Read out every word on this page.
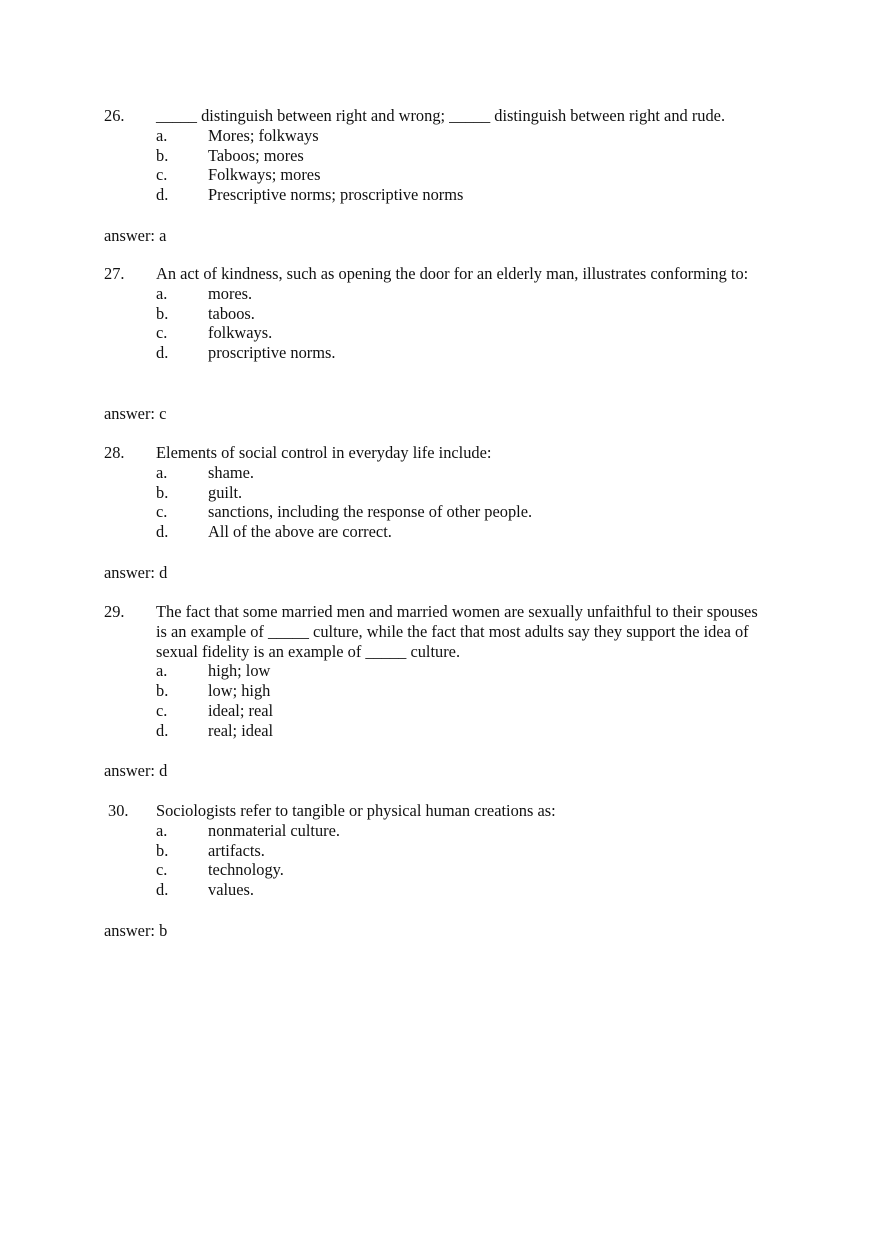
26. _____ distinguish between right and wrong; _____ distinguish between right and rude.
a. Mores; folkways
b. Taboos; mores
c. Folkways; mores
d. Prescriptive norms; proscriptive norms
answer: a
27. An act of kindness, such as opening the door for an elderly man, illustrates conforming to:
a. mores.
b. taboos.
c. folkways.
d. proscriptive norms.
answer: c
28. Elements of social control in everyday life include:
a. shame.
b. guilt.
c. sanctions, including the response of other people.
d. All of the above are correct.
answer: d
29. The fact that some married men and married women are sexually unfaithful to their spouses is an example of _____ culture, while the fact that most adults say they support the idea of sexual fidelity is an example of _____ culture.
a. high; low
b. low; high
c. ideal; real
d. real; ideal
answer: d
30. Sociologists refer to tangible or physical human creations as:
a. nonmaterial culture.
b. artifacts.
c. technology.
d. values.
answer: b
